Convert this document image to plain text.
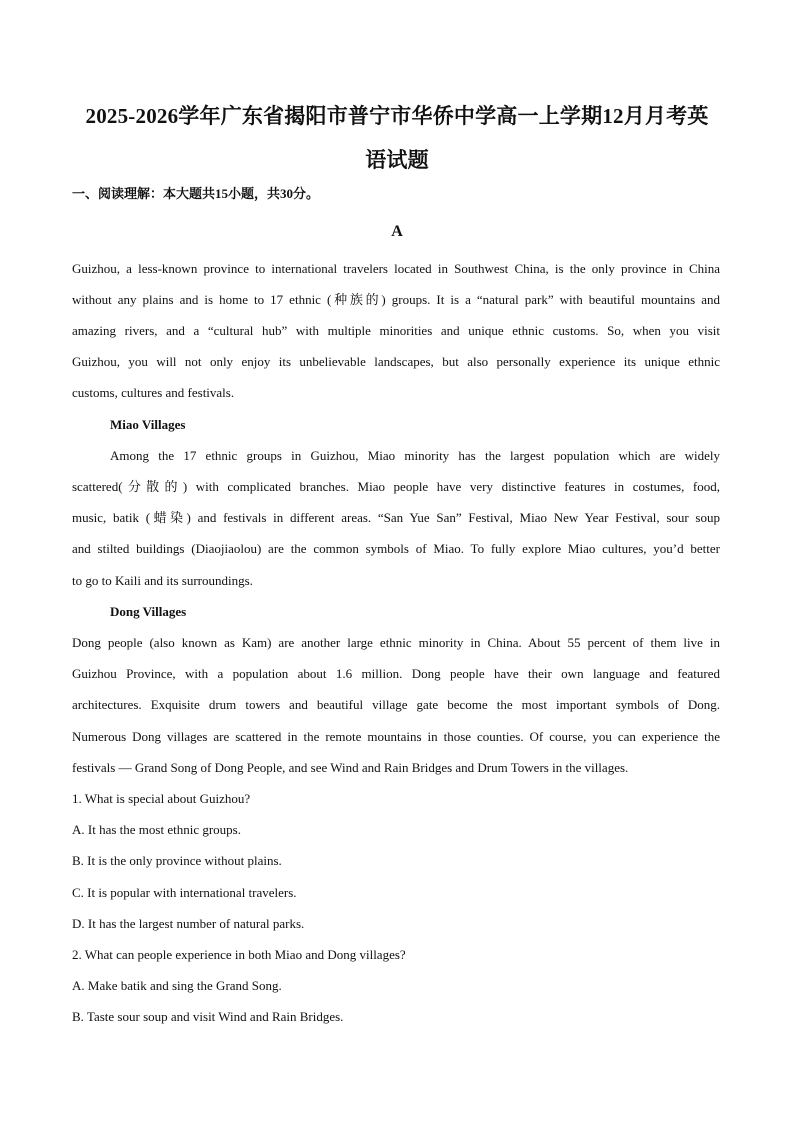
2025-2026学年广东省揭阳市普宁市华侨中学高一上学期12月月考英
语试题
一、阅读理解：本大题共15小题，共30分。
A
Guizhou, a less-known province to international travelers located in Southwest China, is the only province in China
without any plains and is home to 17 ethnic (种族的) groups. It is a “natural park” with beautiful mountains and
amazing rivers, and a “cultural hub” with multiple minorities and unique ethnic customs. So, when you visit
Guizhou, you will not only enjoy its unbelievable landscapes, but also personally experience its unique ethnic
customs, cultures and festivals.
Miao Villages
Among the 17 ethnic groups in Guizhou, Miao minority has the largest population which are widely
scattered(分散的) with complicated branches. Miao people have very distinctive features in costumes, food,
music, batik (蜡染) and festivals in different areas. “San Yue San” Festival, Miao New Year Festival, sour soup
and stilted buildings (Diaojiaolou) are the common symbols of Miao. To fully explore Miao cultures, you’d better
to go to Kaili and its surroundings.
Dong Villages
Dong people (also known as Kam) are another large ethnic minority in China. About 55 percent of them live in
Guizhou Province, with a population about 1.6 million. Dong people have their own language and featured
architectures. Exquisite drum towers and beautiful village gate become the most important symbols of Dong.
Numerous Dong villages are scattered in the remote mountains in those counties. Of course, you can experience the
festivals — Grand Song of Dong People, and see Wind and Rain Bridges and Drum Towers in the villages.
1. What is special about Guizhou?
A. It has the most ethnic groups.
B. It is the only province without plains.
C. It is popular with international travelers.
D. It has the largest number of natural parks.
2. What can people experience in both Miao and Dong villages?
A. Make batik and sing the Grand Song.
B. Taste sour soup and visit Wind and Rain Bridges.
